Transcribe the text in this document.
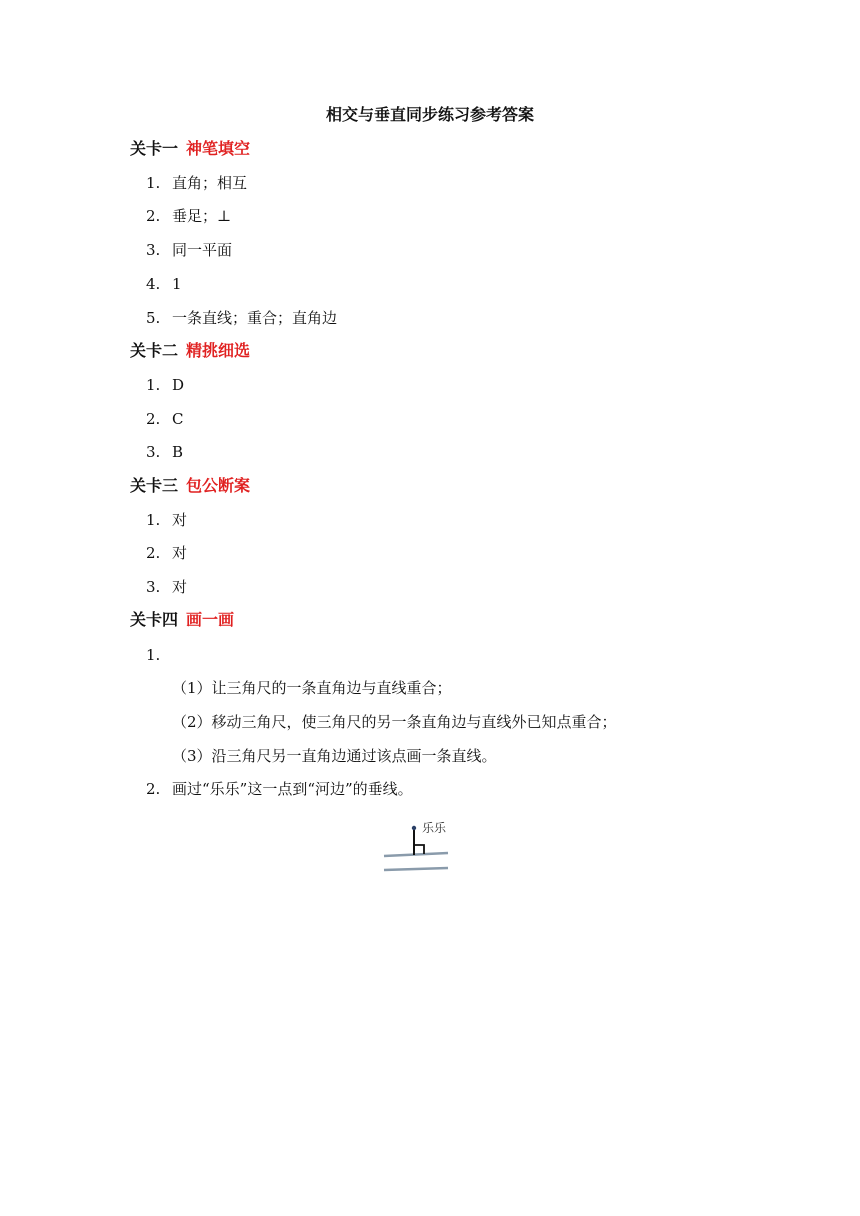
相交与垂直同步练习参考答案
关卡一 神笔填空
1. 直角；相互
2. 垂足；⊥
3. 同一平面
4. 1
5. 一条直线；重合；直角边
关卡二 精挑细选
1. D
2. C
3. B
关卡三 包公断案
1. 对
2. 对
3. 对
关卡四 画一画
1.
（1）让三角尺的一条直角边与直线重合；
（2）移动三角尺，使三角尺的另一条直角边与直线外已知点重合；
（3）沿三角尺另一直角边通过该点画一条直线。
2. 画过“乐乐”这一点到“河边”的垂线。
乐乐
